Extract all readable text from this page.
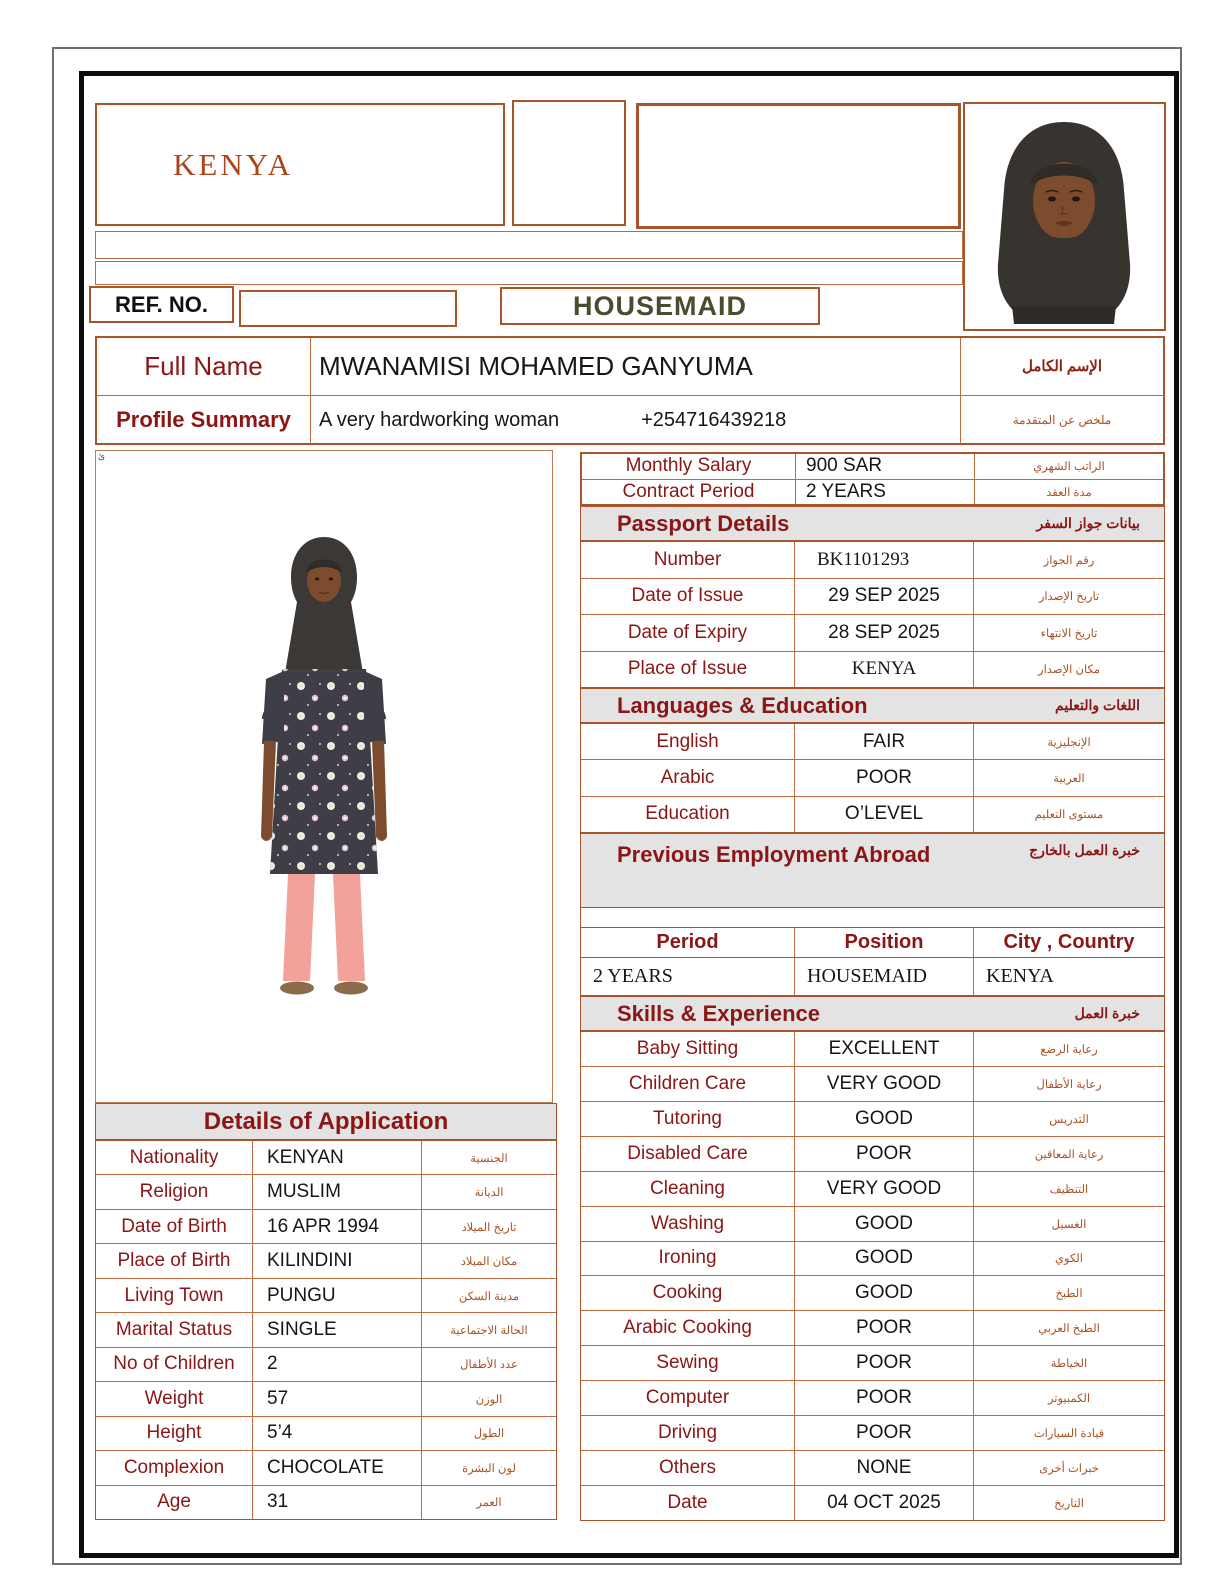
KENYA
REF. NO.	HOUSEMAID
Full Name	MWANAMISI MOHAMED GANYUMA	الإسم الكامل
Profile Summary	A very hardworking woman	+254716439218	ملخص عن المتقدمة
ئ
Details of Application
Nationality	KENYAN	الجنسية
Religion	MUSLIM	الديانة
Date of Birth	16 APR 1994	تاريخ الميلاد
Place of Birth	KILINDINI	مكان الميلاد
Living Town	PUNGU	مدينة السكن
Marital Status	SINGLE	الحالة الاجتماعية
No of Children	2	عدد الأطفال
Weight	57	الوزن
Height	5’4	الطول
Complexion	CHOCOLATE	لون البشرة
Age	31	العمر
Monthly Salary	900 SAR	الراتب الشهري
Contract Period	2 YEARS	مدة العقد
Passport Details	بيانات جواز السفر
Number	BK1101293	رقم الجواز
Date of Issue	29 SEP 2025	تاريخ الإصدار
Date of Expiry	28 SEP 2025	تاريخ الانتهاء
Place of Issue	KENYA	مكان الإصدار
Languages & Education	اللغات والتعليم
English	FAIR	الإنجليزية
Arabic	POOR	العربية
Education	O’LEVEL	مستوى التعليم
Previous Employment Abroad	خبرة العمل بالخارج
Period	Position	City , Country
2 YEARS	HOUSEMAID	KENYA
Skills & Experience	خبرة العمل
Baby Sitting	EXCELLENT	رعاية الرضع
Children Care	VERY GOOD	رعاية الأطفال
Tutoring	GOOD	التدريس
Disabled Care	POOR	رعاية المعاقين
Cleaning	VERY GOOD	التنظيف
Washing	GOOD	الغسيل
Ironing	GOOD	الكوي
Cooking	GOOD	الطبخ
Arabic Cooking	POOR	الطبخ العربي
Sewing	POOR	الخياطة
Computer	POOR	الكمبيوتر
Driving	POOR	قيادة السيارات
Others	NONE	خبرات أخرى
Date	04 OCT 2025	التاريخ
